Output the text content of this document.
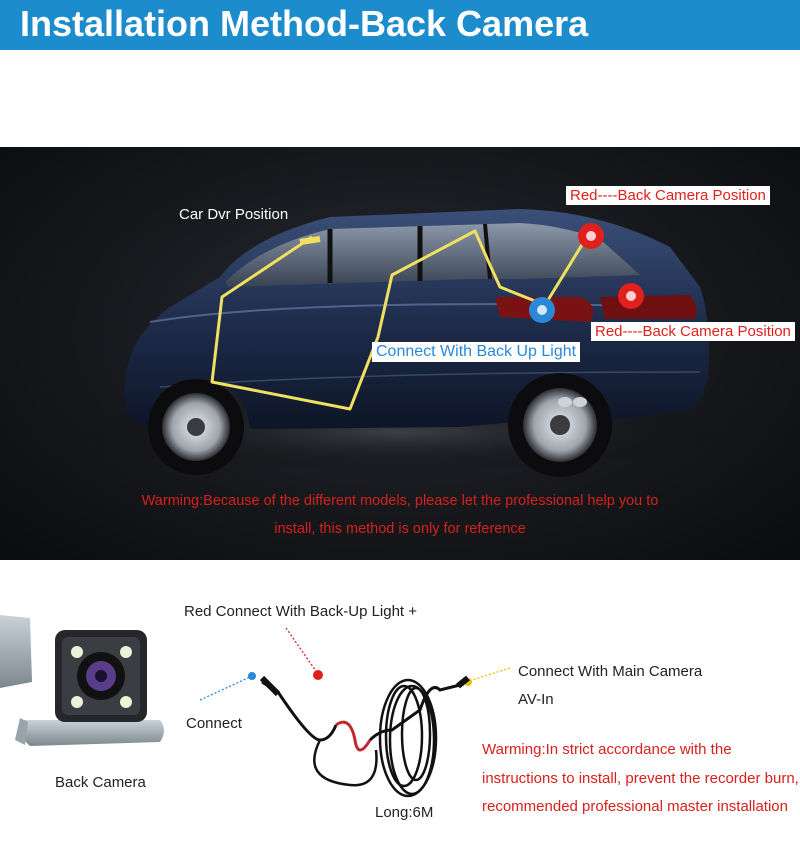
Installation Method-Back Camera
Car Dvr Position
Red----Back Camera Position
Red----Back Camera Position
Connect With Back Up Light
Warming:Because of the different models, please let the professional help you to
install, this method is only for reference
Red Connect With Back-Up Light +
Connect With Main Camera
AV-In
Connect
Back Camera
Long:6M
Warming:In strict accordance with the instructions to install, prevent the recorder burn, recommended professional master installation
